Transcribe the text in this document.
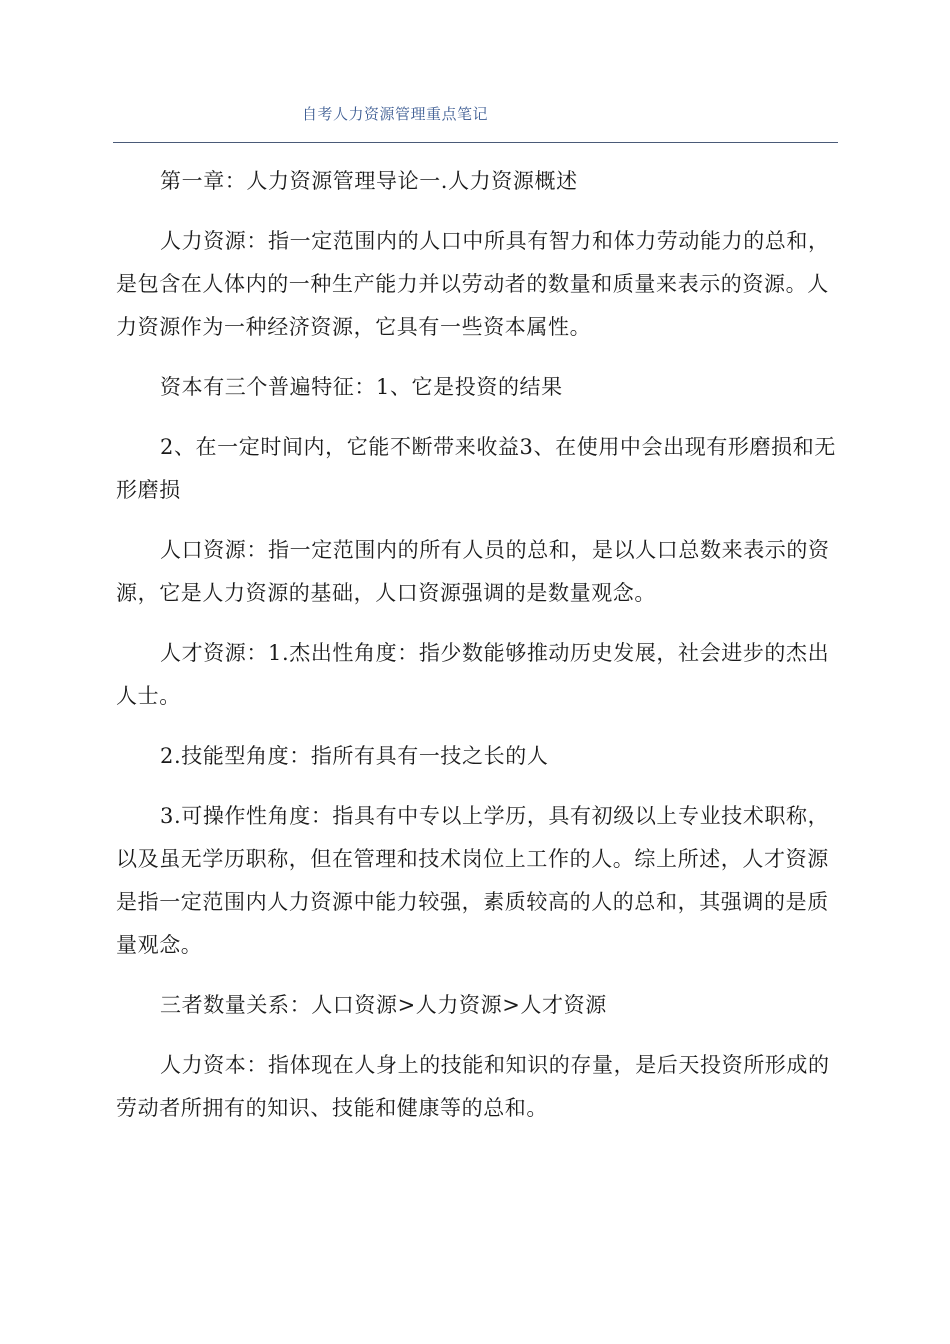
自考人力资源管理重点笔记

第一章：人力资源管理导论一.人力资源概述

人力资源：指一定范围内的人口中所具有智力和体力劳动能力的总和，是包含在人体内的一种生产能力并以劳动者的数量和质量来表示的资源。人力资源作为一种经济资源，它具有一些资本属性。

资本有三个普遍特征：1、它是投资的结果

2、在一定时间内，它能不断带来收益3、在使用中会出现有形磨损和无形磨损

人口资源：指一定范围内的所有人员的总和，是以人口总数来表示的资源，它是人力资源的基础，人口资源强调的是数量观念。

人才资源：1.杰出性角度：指少数能够推动历史发展，社会进步的杰出人士。

2.技能型角度：指所有具有一技之长的人

3.可操作性角度：指具有中专以上学历，具有初级以上专业技术职称，以及虽无学历职称，但在管理和技术岗位上工作的人。综上所述，人才资源是指一定范围内人力资源中能力较强，素质较高的人的总和，其强调的是质量观念。

三者数量关系：人口资源>人力资源>人才资源

人力资本：指体现在人身上的技能和知识的存量，是后天投资所形成的劳动者所拥有的知识、技能和健康等的总和。
